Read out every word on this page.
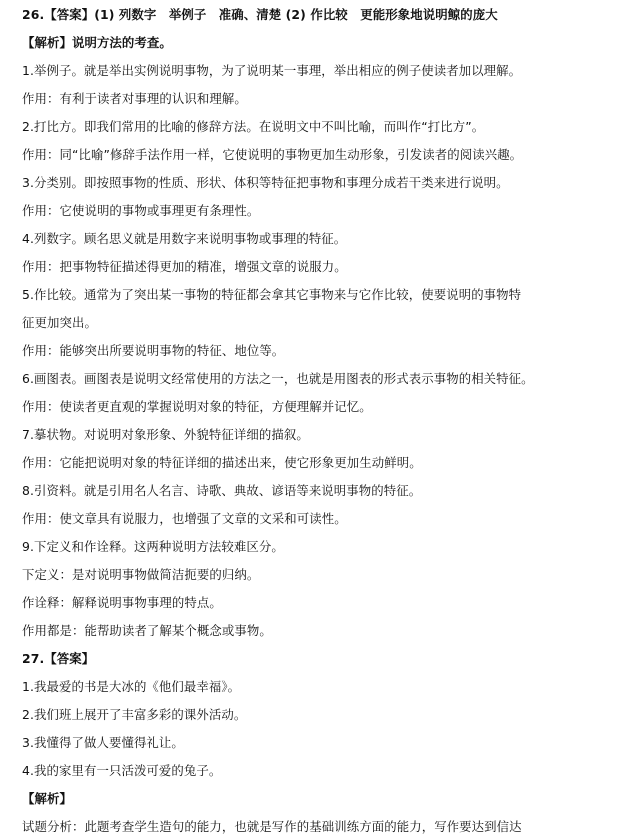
26.【答案】(1) 列数字　举例子　准确、清楚 (2) 作比较　更能形象地说明鲸的庞大
【解析】说明方法的考查。
1.举例子。就是举出实例说明事物，为了说明某一事理，举出相应的例子使读者加以理解。
作用：有利于读者对事理的认识和理解。
2.打比方。即我们常用的比喻的修辞方法。在说明文中不叫比喻，而叫作“打比方”。
作用：同“比喻”修辞手法作用一样，它使说明的事物更加生动形象，引发读者的阅读兴趣。
3.分类别。即按照事物的性质、形状、体积等特征把事物和事理分成若干类来进行说明。
作用：它使说明的事物或事理更有条理性。
4.列数字。顾名思义就是用数字来说明事物或事理的特征。
作用：把事物特征描述得更加的精准，增强文章的说服力。
5.作比较。通常为了突出某一事物的特征都会拿其它事物来与它作比较，使要说明的事物特
征更加突出。
作用：能够突出所要说明事物的特征、地位等。
6.画图表。画图表是说明文经常使用的方法之一，也就是用图表的形式表示事物的相关特征。
作用：使读者更直观的掌握说明对象的特征，方便理解并记忆。
7.摹状物。对说明对象形象、外貌特征详细的描叙。
作用：它能把说明对象的特征详细的描述出来，使它形象更加生动鲜明。
8.引资料。就是引用名人名言、诗歌、典故、谚语等来说明事物的特征。
作用：使文章具有说服力，也增强了文章的文采和可读性。
9.下定义和作诠释。这两种说明方法较难区分。
下定义：是对说明事物做简洁扼要的归纳。
作诠释：解释说明事物事理的特点。
作用都是：能帮助读者了解某个概念或事物。
27.【答案】
1.我最爱的书是大冰的《他们最幸福》。
2.我们班上展开了丰富多彩的课外活动。
3.我懂得了做人要懂得礼让。
4.我的家里有一只活泼可爱的兔子。
【解析】
试题分析：此题考查学生造句的能力，也就是写作的基础训练方面的能力，写作要达到信达
